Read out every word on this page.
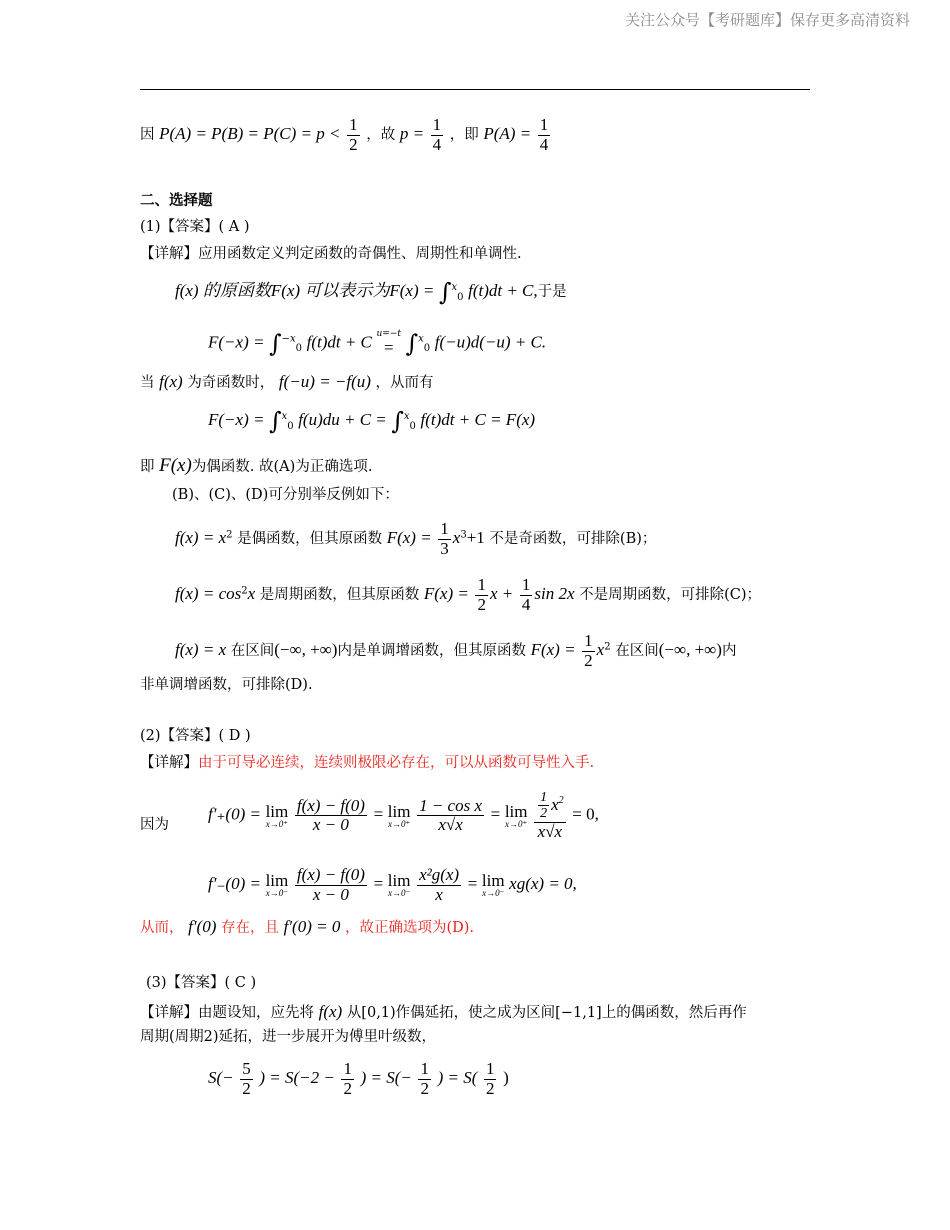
关注公众号【考研题库】保存更多高清资料
因 $P(A) = P(B) = P(C) = p < \frac{1}{2}$ ，故 $p = \frac{1}{4}$ ，即 $P(A) = \frac{1}{4}$
二、选择题
(1)【答案】( A )
【详解】应用函数定义判定函数的奇偶性、周期性和单调性.
f(x) 的原函数F(x) 可以表示为F(x) = ∫$^x_0$ f(t)dt + C,于是
F(−x) = ∫$^{-x}_0$ f(t)dt + C u=−t
= ∫$^x_0$ f(−u)d(−u) + C.
当 f(x) 为奇函数时， f(−u) = −f(u) ，从而有
F(−x) = ∫$^x_0$ f(u)du + C = ∫$^x_0$ f(t)dt + C = F(x)
即 F(x)为偶函数. 故(A)为正确选项.
(B)、(C)、(D)可分别举反例如下：
$f(x) = x^2$ 是偶函数，但其原函数 $F(x) = \frac{1}{3} x^3+1$ 不是奇函数，可排除(B)；
$f(x) = \cos^2x$ 是周期函数，但其原函数 $F(x) = \frac{1}{2}$ $x + \frac{1}{4}$ sin 2x 不是周期函数，可排除(C)；
f(x) = x 在区间(−∞, +∞)内是单调增函数，但其原函数 $F(x) = \frac{1}{2} x^2$ 在区间(−∞, +∞)内
非单调增函数，可排除(D).
(2)【答案】( D )
【详解】由于可导必连续，连续则极限必存在，可以从函数可导性入手.
因为
f′₊(0) = lim
x→0⁺
$\frac{f(x) - f(0)}{x - 0} = \lim$
x→0⁺
$\frac{\text{1 − cos x}}{x√x} = \lim$
x→0⁺
$\frac{\frac{1}{2} x^2}{x√x} = 0$,
f′₋(0) = lim
x→0⁻
$\frac{f(x) - f(0)}{x - 0} = \lim$
x→0⁻
$\frac{\text{x²g(x)}}{x} = \lim$
x→0⁻ xg(x) = 0,
从而， f′(0) 存在，且 f′(0) = 0 ，故正确选项为(D).
(3)【答案】( C )
【详解】由题设知，应先将 f(x) 从[0,1)作偶延拓，使之成为区间[−1,1]上的偶函数，然后再作
周期(周期2)延拓，进一步展开为傅里叶级数，
$S(- \frac{5}{2}$ ) = $S(-2 - \frac{1}{2}$ ) = $S(- \frac{1}{2}$ ) = $S( \frac{1}{2}$ )
